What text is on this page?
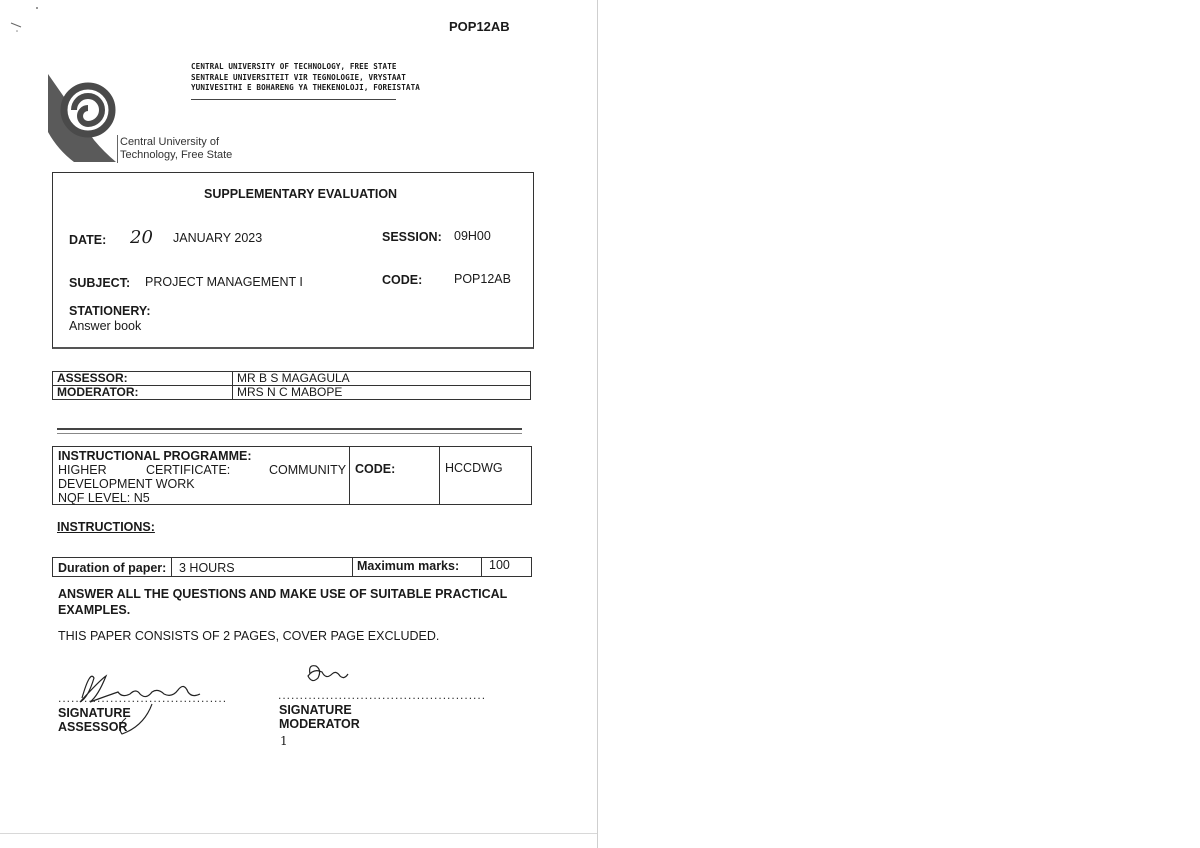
POP12AB
CENTRAL UNIVERSITY OF TECHNOLOGY, FREE STATE
SENTRALE UNIVERSITEIT VIR TEGNOLOGIE, VRYSTAAT
YUNIVESITHI E BOHARENG YA THEKENOLOJI, FOREISTATA
Central University of
Technology, Free State
SUPPLEMENTARY EVALUATION
DATE: 20 JANUARY 2023	SESSION: 09H00
SUBJECT: PROJECT MANAGEMENT I	CODE:	POP12AB
STATIONERY:
Answer book
ASSESSOR:	MR B S MAGAGULA
MODERATOR:	MRS N C MABOPE
INSTRUCTIONAL PROGRAMME:
HIGHER	CERTIFICATE:	COMMUNITY
DEVELOPMENT WORK
NQF LEVEL: N5
CODE:	HCCDWG
INSTRUCTIONS:
Duration of paper: 3 HOURS	Maximum marks: 100
ANSWER ALL THE QUESTIONS AND MAKE USE OF SUITABLE PRACTICAL EXAMPLES.
THIS PAPER CONSISTS OF 2 PAGES, COVER PAGE EXCLUDED.
.......................................
SIGNATURE
ASSESSOR
................................................
SIGNATURE
MODERATOR
1
